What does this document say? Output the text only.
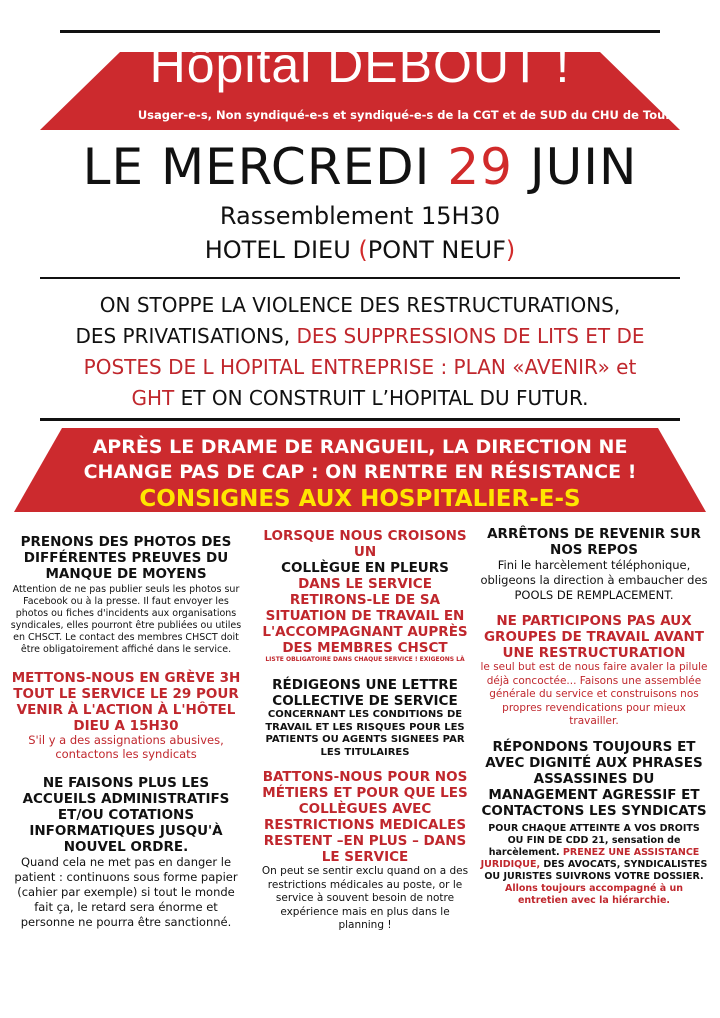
Hôpital DEBOUT !
Usager-e-s, Non syndiqué-e-s et syndiqué-e-s de la CGT et de SUD du CHU de Toulouse
LE MERCREDI 29 JUIN
Rassemblement 15H30
HOTEL DIEU (PONT NEUF)
ON STOPPE LA VIOLENCE DES RESTRUCTURATIONS,
DES PRIVATISATIONS, DES SUPPRESSIONS DE LITS ET DE
POSTES DE L HOPITAL ENTREPRISE : PLAN «AVENIR» et
GHT ET ON CONSTRUIT L’HOPITAL DU FUTUR.
APRÈS LE DRAME DE RANGUEIL, LA DIRECTION NE
CHANGE PAS DE CAP : ON RENTRE EN RÉSISTANCE !
CONSIGNES AUX HOSPITALIER-E-S
PRENONS DES PHOTOS DES DIFFÉRENTES PREUVES DU MANQUE DE MOYENS
Attention de ne pas publier seuls les photos sur Facebook ou à la presse. Il faut envoyer les photos ou fiches d'incidents aux organisations syndicales, elles pourront être publiées ou utiles en CHSCT. Le contact des membres CHSCT doit être obligatoirement affiché dans le service.
METTONS-NOUS EN GRÈVE 3H TOUT LE SERVICE LE 29 POUR VENIR À L'ACTION À L'HÔTEL DIEU A 15H30
S'il y a des assignations abusives, contactons les syndicats
NE FAISONS PLUS LES ACCUEILS ADMINISTRATIFS ET/OU COTATIONS INFORMATIQUES JUSQU'À NOUVEL ORDRE.
Quand cela ne met pas en danger le patient : continuons sous forme papier (cahier par exemple) si tout le monde fait ça, le retard sera énorme et personne ne pourra être sanctionné.
LORSQUE NOUS CROISONS UN
COLLÈGUE EN PLEURS
DANS LE SERVICE RETIRONS-LE DE SA SITUATION DE TRAVAIL EN L'ACCOMPAGNANT AUPRÈS DES MEMBRES CHSCT
LISTE OBLIGATOIRE DANS CHAQUE SERVICE ! EXIGEONS LÀ
RÉDIGEONS UNE LETTRE COLLECTIVE DE SERVICE
CONCERNANT LES CONDITIONS DE TRAVAIL ET LES RISQUES POUR LES PATIENTS OU AGENTS SIGNEES PAR LES TITULAIRES
BATTONS-NOUS POUR NOS MÉTIERS ET POUR QUE LES COLLÈGUES AVEC RESTRICTIONS MEDICALES RESTENT –EN PLUS – DANS LE SERVICE
On peut se sentir exclu quand on a des restrictions médicales au poste, or le service à souvent besoin de notre expérience mais en plus dans le planning !
ARRÊTONS DE REVENIR SUR NOS REPOS
Fini le harcèlement téléphonique, obligeons la direction à embaucher des POOLS DE REMPLACEMENT.
NE PARTICIPONS PAS AUX GROUPES DE TRAVAIL AVANT UNE RESTRUCTURATION
le seul but est de nous faire avaler la pilule déjà concoctée... Faisons une assemblée générale du service et construisons nos propres revendications pour mieux travailler.
RÉPONDONS TOUJOURS ET AVEC DIGNITÉ AUX PHRASES ASSASSINES DU MANAGEMENT AGRESSIF ET CONTACTONS LES SYNDICATS
POUR CHAQUE ATTEINTE A VOS DROITS OU FIN DE CDD 21, sensation de harcèlement. PRENEZ UNE ASSISTANCE JURIDIQUE, DES AVOCATS, SYNDICALISTES OU JURISTES SUIVRONS VOTRE DOSSIER. Allons toujours accompagné à un entretien avec la hiérarchie.
